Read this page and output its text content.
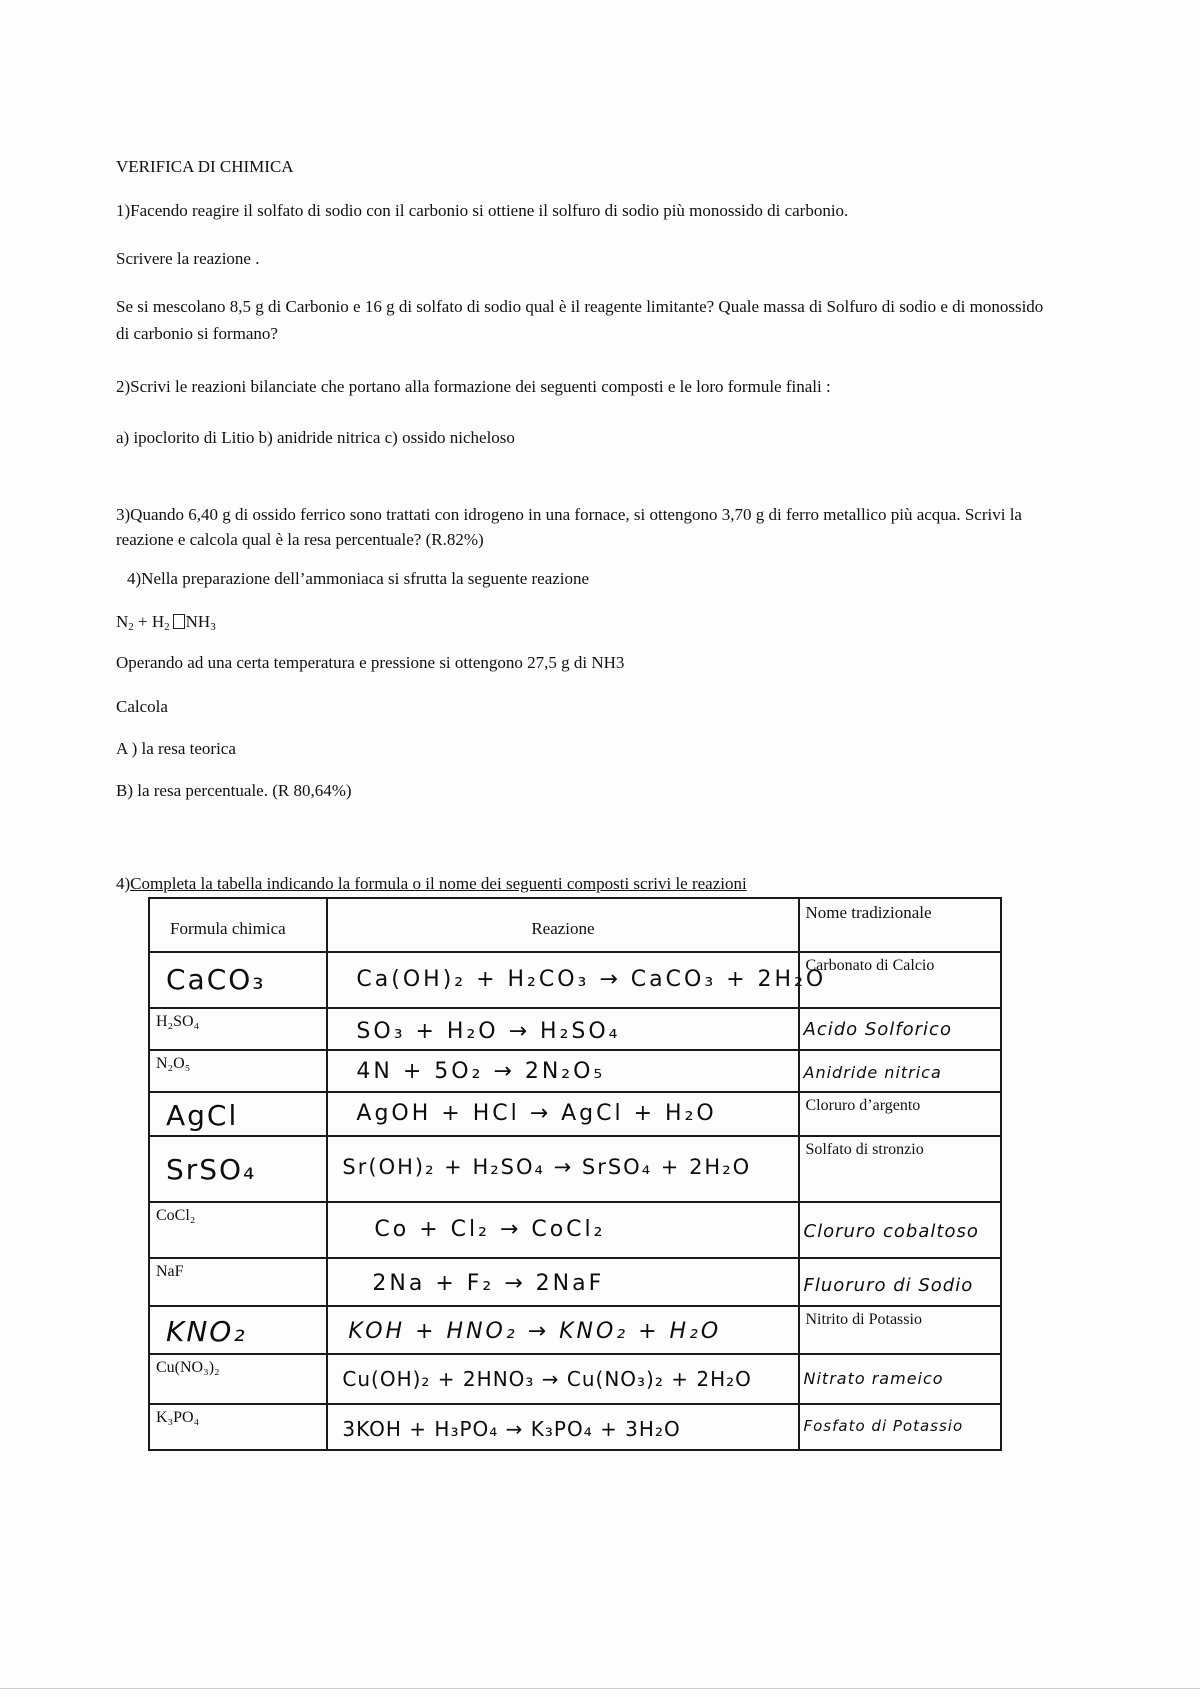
VERIFICA DI CHIMICA
1)Facendo reagire il solfato di sodio con il carbonio si ottiene il solfuro di sodio più monossido di carbonio.
Scrivere la reazione .
Se si mescolano 8,5 g di Carbonio e 16 g di solfato di sodio qual è il reagente limitante? Quale massa di Solfuro di sodio e di monossido di carbonio si formano?
2)Scrivi le reazioni bilanciate che portano alla formazione dei seguenti composti e le loro formule finali :
a) ipoclorito di Litio b) anidride nitrica c) ossido nicheloso
3)Quando 6,40 g di ossido ferrico sono trattati con idrogeno in una fornace, si ottengono 3,70 g di ferro metallico più acqua. Scrivi la reazione e calcola qual è la resa percentuale? (R.82%)
4)Nella preparazione dell’ammoniaca si sfrutta la seguente reazione
$N_2 + H_2$ $NH_3$
Operando ad una certa temperatura e pressione si ottengono 27,5 g di NH3
Calcola
A ) la resa teorica
B) la resa percentuale. (R 80,64%)
4)Completa la tabella indicando la formula o il nome dei seguenti composti scrivi le reazioni
Formula chimica	Reazione	Nome tradizionale

CaCO₃	Ca(OH)₂ + H₂CO₃ → CaCO₃ + 2H₂O	Carbonato di Calcio

H₂SO₄	SO₃ + H₂O → H₂SO₄	Acido Solforico

N₂O₅	4N + 5O₂ → 2N₂O₅	Anidride nitrica

AgCl	AgOH + HCl → AgCl + H₂O	Cloruro d’argento

SrSO₄	Sr(OH)₂ + H₂SO₄ → SrSO₄ + 2H₂O	Solfato di stronzio

CoCl₂	Co + Cl₂ → CoCl₂	Cloruro cobaltoso

NaF	2Na + F₂ → 2NaF	Fluoruro di Sodio

KNO₂	KOH + HNO₂ → KNO₂ + H₂O	Nitrito di Potassio

Cu(NO₃)₂	Cu(OH)₂ + 2HNO₃ → Cu(NO₃)₂ + 2H₂O	Nitrato rameico

K₃PO₄	3KOH + H₃PO₄ → K₃PO₄ + 3H₂O	Fosfato di Potassio
